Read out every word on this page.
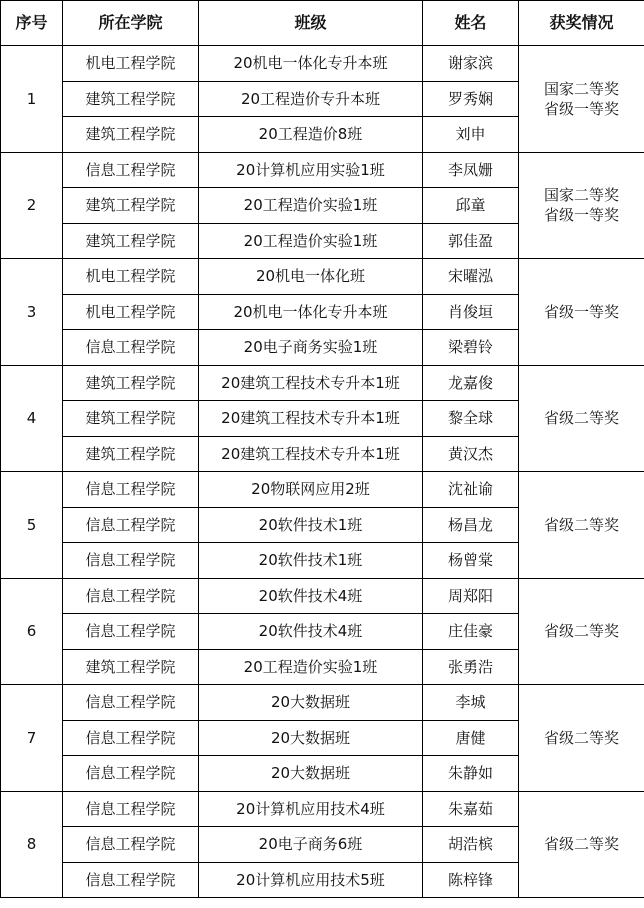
序号	所在学院	班级	姓名	获奖情况
1	机电工程学院	20机电一体化专升本班	谢家滨	国家二等奖
省级一等奖

	建筑工程学院	20工程造价专升本班	罗秀娴	
	建筑工程学院	20工程造价8班	刘申	
2	信息工程学院	20计算机应用实验1班	李凤姗	国家二等奖
省级一等奖

	建筑工程学院	20工程造价实验1班	邱童	
	建筑工程学院	20工程造价实验1班	郭佳盈	
3	机电工程学院	20机电一体化班	宋曜泓	省级一等奖

	机电工程学院	20机电一体化专升本班	肖俊垣	
	信息工程学院	20电子商务实验1班	梁碧铃	
4	建筑工程学院	20建筑工程技术专升本1班	龙嘉俊	省级二等奖

	建筑工程学院	20建筑工程技术专升本1班	黎全球	
	建筑工程学院	20建筑工程技术专升本1班	黄汉杰	
5	信息工程学院	20物联网应用2班	沈祉谕	省级二等奖

	信息工程学院	20软件技术1班	杨昌龙	
	信息工程学院	20软件技术1班	杨曾棠	
6	信息工程学院	20软件技术4班	周郑阳	省级二等奖

	信息工程学院	20软件技术4班	庄佳豪	
	建筑工程学院	20工程造价实验1班	张勇浩	
7	信息工程学院	20大数据班	李城	省级二等奖

	信息工程学院	20大数据班	唐健	
	信息工程学院	20大数据班	朱静如	
8	信息工程学院	20计算机应用技术4班	朱嘉茹	省级二等奖

	信息工程学院	20电子商务6班	胡浩槟	
	信息工程学院	20计算机应用技术5班	陈梓锋	
